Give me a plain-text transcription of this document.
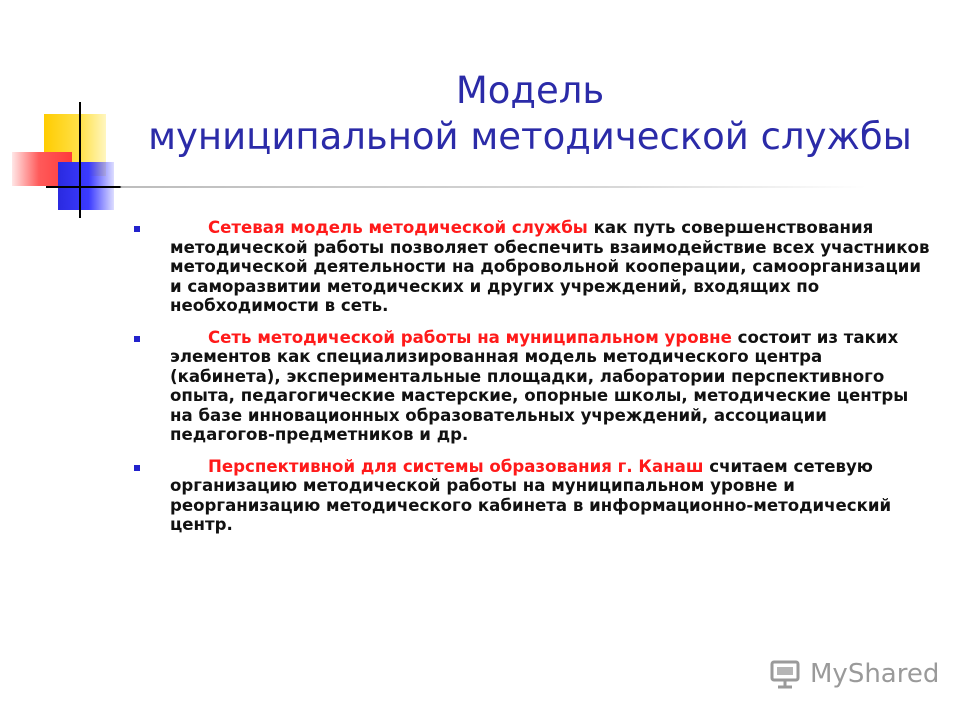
Модель
муниципальной методической службы
Сетевая модель методической службы как путь совершенствования методической работы позволяет обеспечить взаимодействие всех участников методической деятельности на добровольной кооперации, самоорганизации и саморазвитии методических и других учреждений, входящих по необходимости в сеть.
Сеть методической работы на муниципальном уровне состоит из таких элементов как специализированная модель методического центра (кабинета), экспериментальные площадки, лаборатории перспективного опыта, педагогические мастерские, опорные школы, методические центры на базе инновационных образовательных учреждений, ассоциации педагогов-предметников и др.
Перспективной для системы образования г. Канаш считаем сетевую организацию методической работы на муниципальном уровне и реорганизацию методического кабинета в информационно-методический центр.
MyShared
